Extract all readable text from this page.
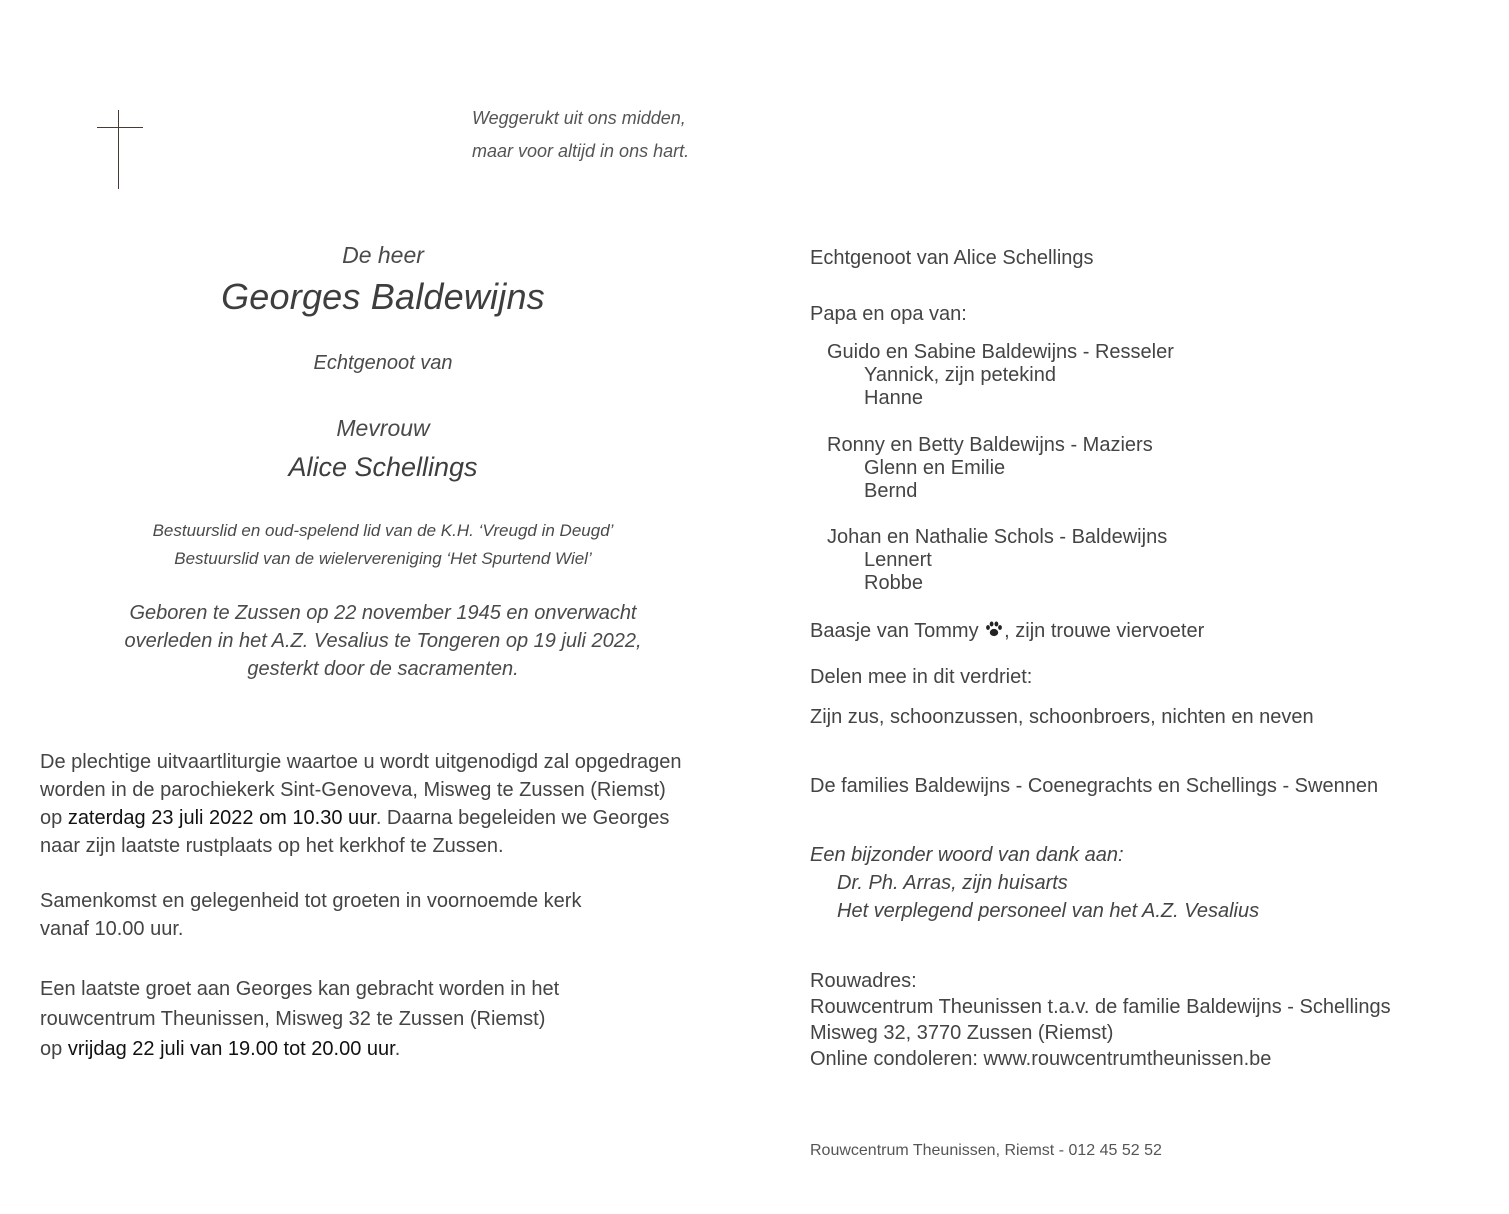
Weggerukt uit ons midden,
maar voor altijd in ons hart.
De heer
Georges Baldewijns
Echtgenoot van
Mevrouw
Alice Schellings
Bestuurslid en oud-spelend lid van de K.H. ‘Vreugd in Deugd’
Bestuurslid van de wielervereniging ‘Het Spurtend Wiel’
Geboren te Zussen op 22 november 1945 en onverwacht
overleden in het A.Z. Vesalius te Tongeren op 19 juli 2022,
gesterkt door de sacramenten.
De plechtige uitvaartliturgie waartoe u wordt uitgenodigd zal opgedragen
worden in de parochiekerk Sint-Genoveva, Misweg te Zussen (Riemst)
op zaterdag 23 juli 2022 om 10.30 uur. Daarna begeleiden we Georges
naar zijn laatste rustplaats op het kerkhof te Zussen.
Samenkomst en gelegenheid tot groeten in voornoemde kerk
vanaf 10.00 uur.
Een laatste groet aan Georges kan gebracht worden in het
rouwcentrum Theunissen, Misweg 32 te Zussen (Riemst)
op vrijdag 22 juli van 19.00 tot 20.00 uur.
Echtgenoot van Alice Schellings
Papa en opa van:
Guido en Sabine Baldewijns - Resseler
Yannick, zijn petekind
Hanne
Ronny en Betty Baldewijns - Maziers
Glenn en Emilie
Bernd
Johan en Nathalie Schols - Baldewijns
Lennert
Robbe
Baasje van Tommy , zijn trouwe viervoeter
Delen mee in dit verdriet:
Zijn zus, schoonzussen, schoonbroers, nichten en neven
De families Baldewijns - Coenegrachts en Schellings - Swennen
Een bijzonder woord van dank aan:
Dr. Ph. Arras, zijn huisarts
Het verplegend personeel van het A.Z. Vesalius
Rouwadres:
Rouwcentrum Theunissen t.a.v. de familie Baldewijns - Schellings
Misweg 32, 3770 Zussen (Riemst)
Online condoleren: www.rouwcentrumtheunissen.be
Rouwcentrum Theunissen, Riemst - 012 45 52 52
